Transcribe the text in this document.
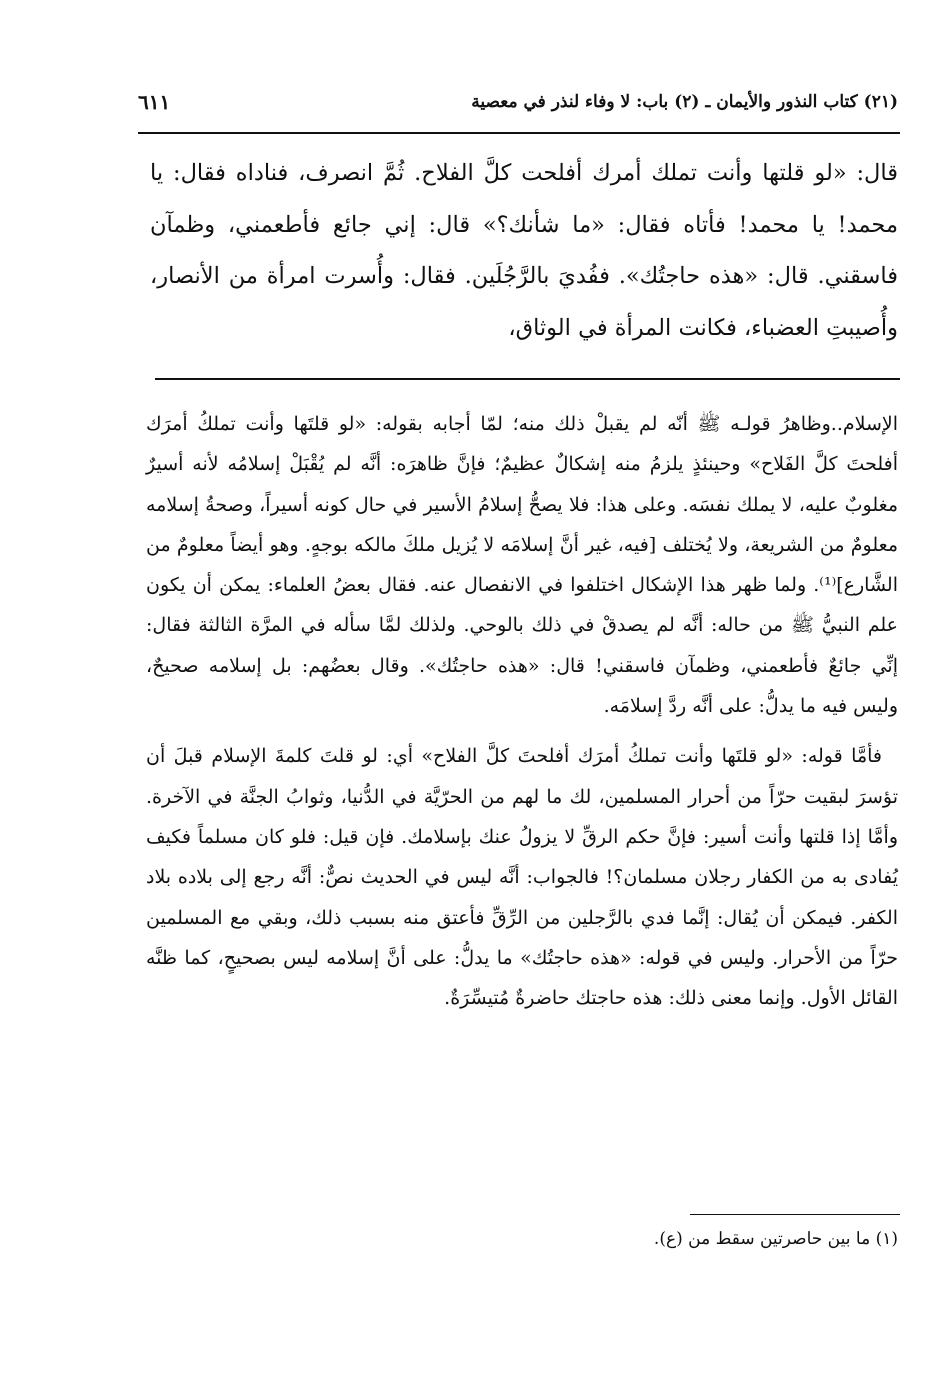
(٢١) كتاب النذور والأيمان ـ (٢) باب: لا وفاء لنذر في معصية
٦١١

قال: «لو قلتها وأنت تملك أمرك أفلحت كلَّ الفلاح. ثُمَّ انصرف، فناداه فقال: يا محمد! يا محمد! فأتاه فقال: «ما شأنك؟» قال: إني جائع فأطعمني، وظمآن فاسقني. قال: «هذه حاجتُك». ففُديَ بالرَّجُلَين. فقال: وأُسرت امرأة من الأنصار، وأُصيبتِ العضباء، فكانت المرأة في الوثاق،

الإسلام..وظاهرُ قولـه ﷺ أنّه لم يقبلْ ذلك منه؛ لمّا أجابه بقوله: «لو قلتَها وأنت تملكُ أمرَك أفلحتَ كلَّ الفَلاح» وحينئذٍ يلزمُ منه إشكالٌ عظيمٌ؛ فإنَّ ظاهرَه: أنَّه لم يُقْبَلْ إسلامُه لأنه أسيرٌ مغلوبٌ عليه، لا يملك نفسَه. وعلى هذا: فلا يصحُّ إسلامُ الأسير في حال كونه أسيراً، وصحةُ إسلامه معلومٌ من الشريعة، ولا يُختلف [فيه، غير أنَّ إسلامَه لا يُزيل ملكَ مالكه بوجهٍ. وهو أيضاً معلومٌ من الشَّارع]⁽¹⁾. ولما ظهر هذا الإشكال اختلفوا في الانفصال عنه. فقال بعضُ العلماء: يمكن أن يكون علم النبيُّ ﷺ من حاله: أنَّه لم يصدقْ في ذلك بالوحي. ولذلك لمَّا سأله في المرَّة الثالثة فقال: إنِّي جائعٌ فأطعمني، وظمآن فاسقني! قال: «هذه حاجتُك». وقال بعضُهم: بل إسلامه صحيحٌ، وليس فيه ما يدلُّ: على أنَّه ردَّ إسلامَه.

فأمَّا قوله: «لو قلتَها وأنت تملكُ أمرَك أفلحتَ كلَّ الفلاح» أي: لو قلتَ كلمةَ الإسلام قبلَ أن تؤسرَ لبقيت حرّاً من أحرار المسلمين، لك ما لهم من الحرّيَّة في الدُّنيا، وثوابُ الجنَّة في الآخرة. وأمَّا إذا قلتها وأنت أسير: فإنَّ حكم الرقِّ لا يزولُ عنك بإسلامك. فإن قيل: فلو كان مسلماً فكيف يُفادى به من الكفار رجلان مسلمان؟! فالجواب: أنَّه ليس في الحديث نصٌّ: أنَّه رجع إلى بلاده بلاد الكفر. فيمكن أن يُقال: إنَّما فدي بالرَّجلين من الرِّقِّ فأعتق منه بسبب ذلك، وبقي مع المسلمين حرّاً من الأحرار. وليس في قوله: «هذه حاجتُك» ما يدلُّ: على أنَّ إسلامه ليس بصحيحٍ، كما ظنَّه القائل الأول. وإنما معنى ذلك: هذه حاجتك حاضرةٌ مُتيسِّرَةٌ.

(١) ما بين حاصرتين سقط من (ع).
